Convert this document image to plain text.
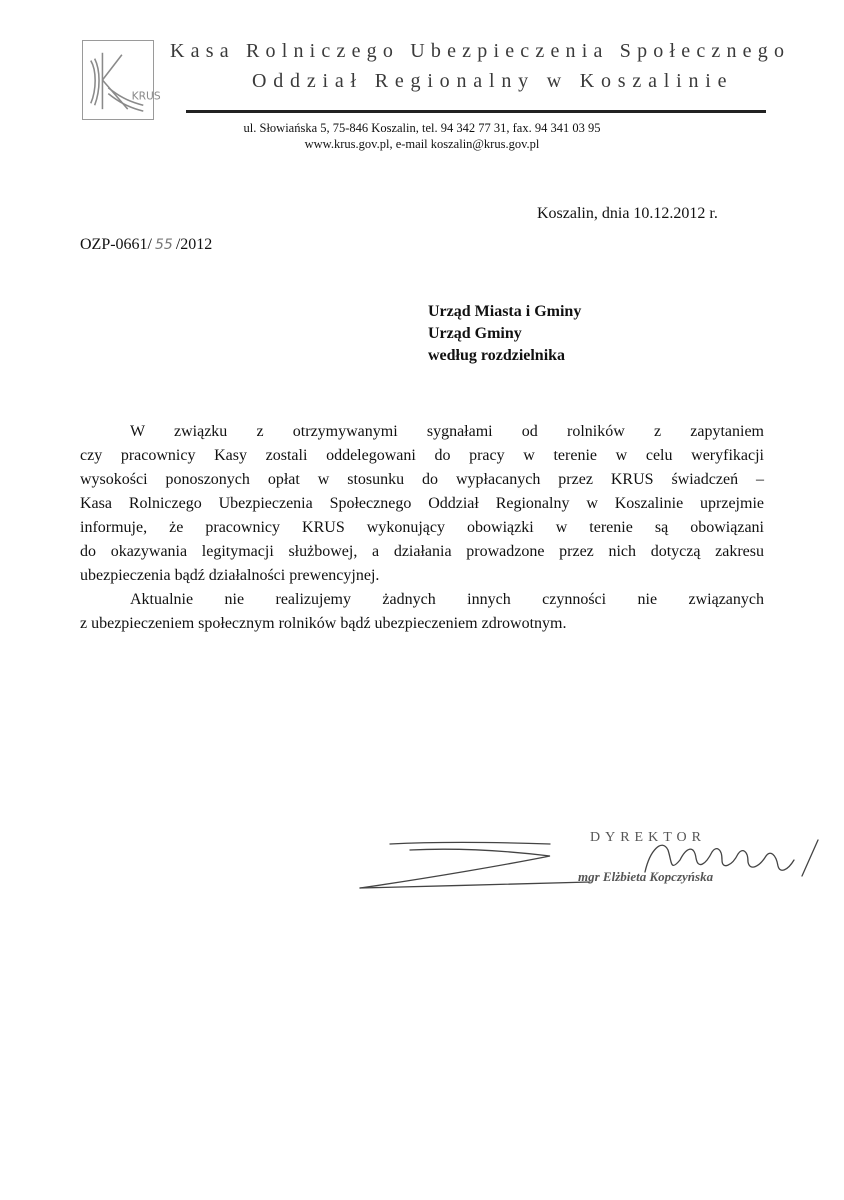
KRUS
Kasa Rolniczego Ubezpieczenia Społecznego
Oddział Regionalny w Koszalinie
ul. Słowiańska 5, 75-846 Koszalin, tel. 94 342 77 31, fax. 94 341 03 95
www.krus.gov.pl, e-mail koszalin@krus.gov.pl
Koszalin, dnia 10.12.2012 r.
OZP-0661/ 55 /2012
Urząd Miasta i Gminy
Urząd Gminy
według rozdzielnika
W związku z otrzymywanymi sygnałami od rolników z zapytaniem
czy pracownicy Kasy zostali oddelegowani do pracy w terenie w celu weryfikacji
wysokości ponoszonych opłat w stosunku do wypłacanych przez KRUS świadczeń –
Kasa Rolniczego Ubezpieczenia Społecznego Oddział Regionalny w Koszalinie uprzejmie
informuje, że pracownicy KRUS wykonujący obowiązki w terenie są obowiązani
do okazywania legitymacji służbowej, a działania prowadzone przez nich dotyczą zakresu
ubezpieczenia bądź działalności prewencyjnej.
Aktualnie nie realizujemy żadnych innych czynności nie związanych
z ubezpieczeniem społecznym rolników bądź ubezpieczeniem zdrowotnym.
DYREKTOR
mgr Elżbieta Kopczyńska
